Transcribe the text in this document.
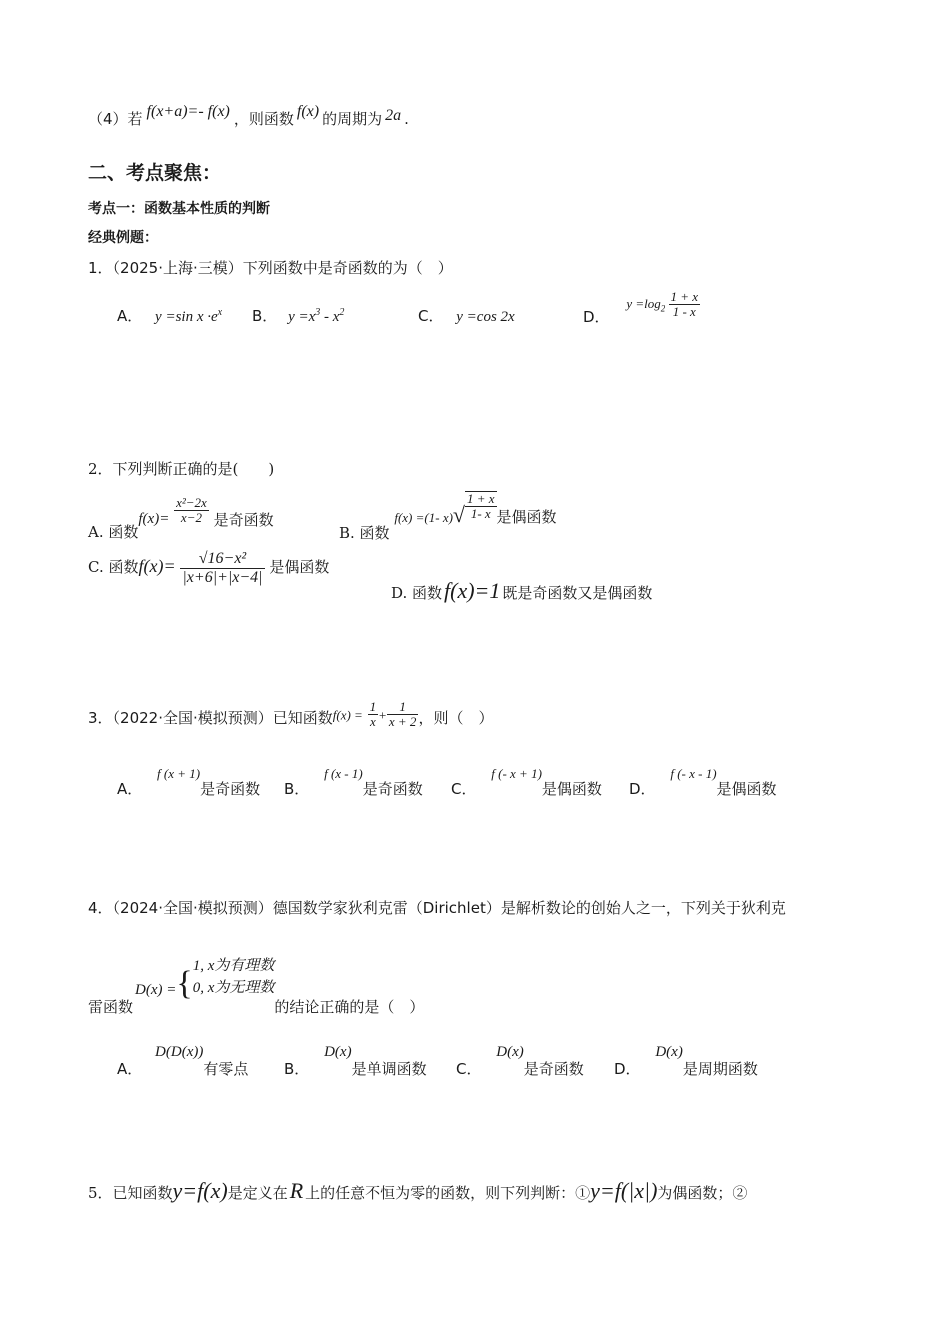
（4）若 f(x+a)=- f(x) ，则函数 f(x) 的周期为 2a .
二、考点聚焦：
考点一：函数基本性质的判断
经典例题：
1．（2025·上海·三模）下列函数中是奇函数的为（　）
A． y =sin $x \cdot e^x$ B． $y =x^3 - x^2$	C． y =cos 2x	D． $y =\log_2 \frac{1 + x}{1 - x}$
2．下列判断正确的是(　　)
A. 函数$f(x)= \frac{\text{x²−2x}}{x-2}$ 是奇函数
B. 函数 f(x) =(1- $x)√ \frac{1 + x}{1- x}$ 是偶函数
C. 函数$f(x)= \frac{\text{√16−x²}}{|x+6|+|x-4|}$ 是偶函数
D. 函数f(x)=1 既是奇函数又是偶函数
3．（2022·全国·模拟预测）已知函数$f(x) = \frac{1}{x} + \frac{1}{x + 2}$ ，则（　）
A． f (x + 1)是奇函数 B． f (x - 1)是奇函数 C． f (- x + 1)是偶函数 D． f (- x - 1)是偶函数
4．（2024·全国·模拟预测）德国数学家狄利克雷（Dirichlet）是解析数论的创始人之一，下列关于狄利克
雷函数D(x) ={ 1, x为有理数
0, x为无理数
的结论正确的是（　）
A． D(D(x))有零点 B． D(x)是单调函数 C． D(x)是奇函数 D． D(x)是周期函数
5．已知函数y=f(x)是定义在R 上的任意不恒为零的函数，则下列判断：①y=f(|x|)为偶函数；②
